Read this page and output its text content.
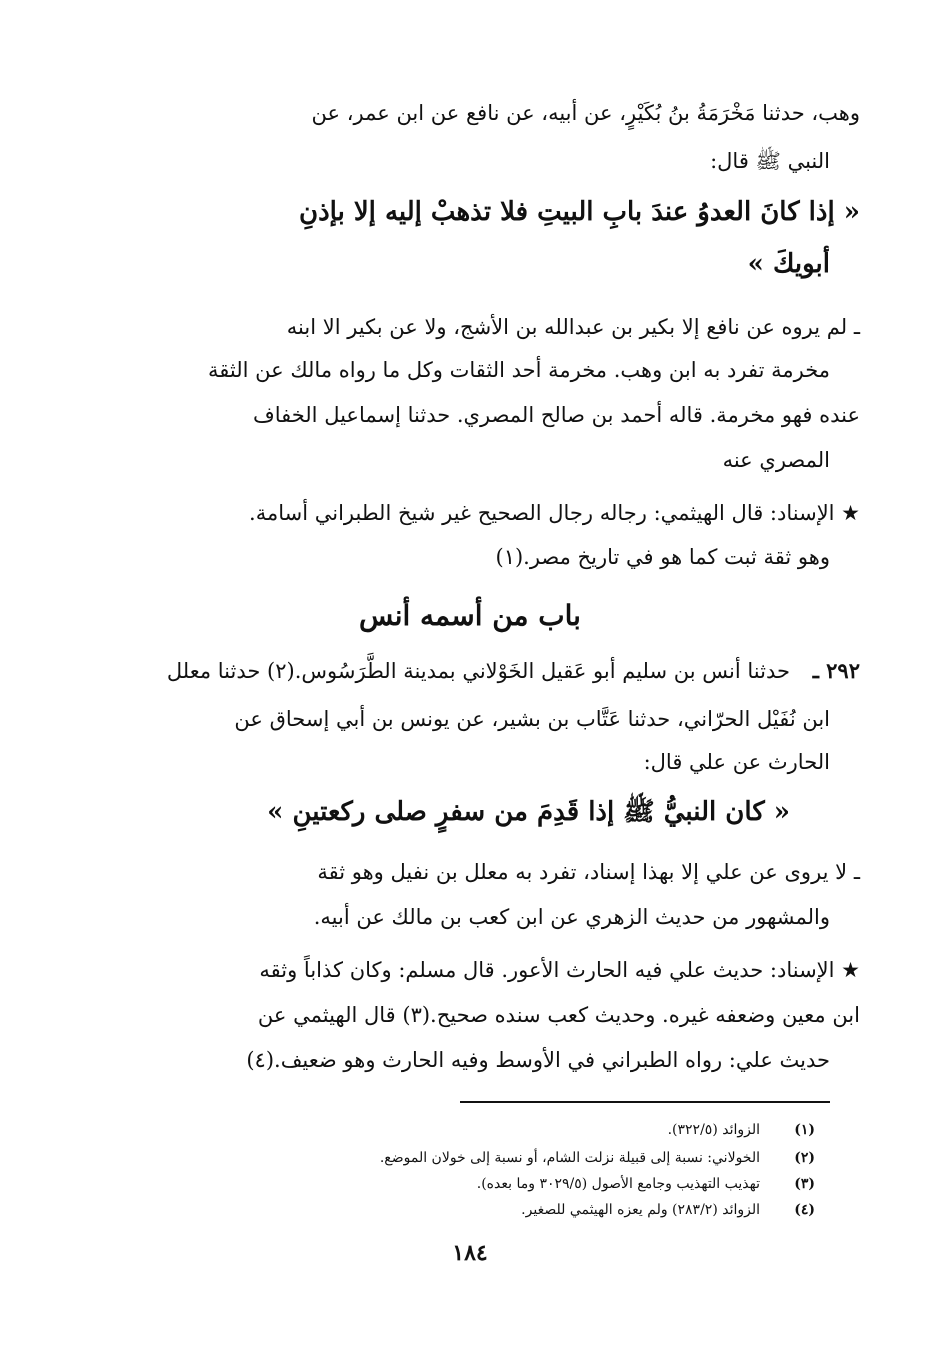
وهب، حدثنا مَخْرَمَةُ بنُ بُكَيْرٍ، عن أبيه، عن نافع عن ابن عمر، عن

النبي ﷺ قال:

« إذا كانَ العدوُ عندَ بابِ البيتِ فلا تذهبْ إليه إلا بإذنِ

أبويكَ »

ـ لم يروه عن نافع إلا بكير بن عبدالله بن الأشج، ولا عن بكير الا ابنه

مخرمة تفرد به ابن وهب. مخرمة أحد الثقات وكل ما رواه مالك عن الثقة

عنده فهو مخرمة. قاله أحمد بن صالح المصري. حدثنا إسماعيل الخفاف

المصري عنه

★ الإسناد: قال الهيثمي: رجاله رجال الصحيح غير شيخ الطبراني أسامة.

وهو ثقة ثبت كما هو في تاريخ مصر.(١)

باب من أسمه أنس
٢٩٢ ـ

حدثنا أنس بن سليم أبو عَقيل الخَوْلاني بمدينة الطَّرَسُوس.(٢) حدثنا معلل

ابن نُفَيْل الحرّاني، حدثنا عَتَّاب بن بشير، عن يونس بن أبي إسحاق عن

الحارث عن علي قال:

« كان النبيُّ ﷺ إذا قَدِمَ من سفرٍ صلى ركعتينِ »

ـ لا يروى عن علي إلا بهذا إسناد، تفرد به معلل بن نفيل وهو ثقة

والمشهور من حديث الزهري عن ابن كعب بن مالك عن أبيه.

★ الإسناد: حديث علي فيه الحارث الأعور. قال مسلم: وكان كذاباً وثقه

ابن معين وضعفه غيره. وحديث كعب سنده صحيح.(٣) قال الهيثمي عن

حديث علي: رواه الطبراني في الأوسط وفيه الحارث وهو ضعيف.(٤)

(١)
الزوائد (٣٢٢/٥).
(٢)
الخولاني: نسبة إلى قبيلة نزلت الشام، أو نسبة إلى خولان الموضع.
(٣)
تهذيب التهذيب وجامع الأصول (٣٠٢٩/٥ وما بعده).
(٤)
الزوائد (٢٨٣/٢) ولم يعزه الهيثمي للصغير.
١٨٤
